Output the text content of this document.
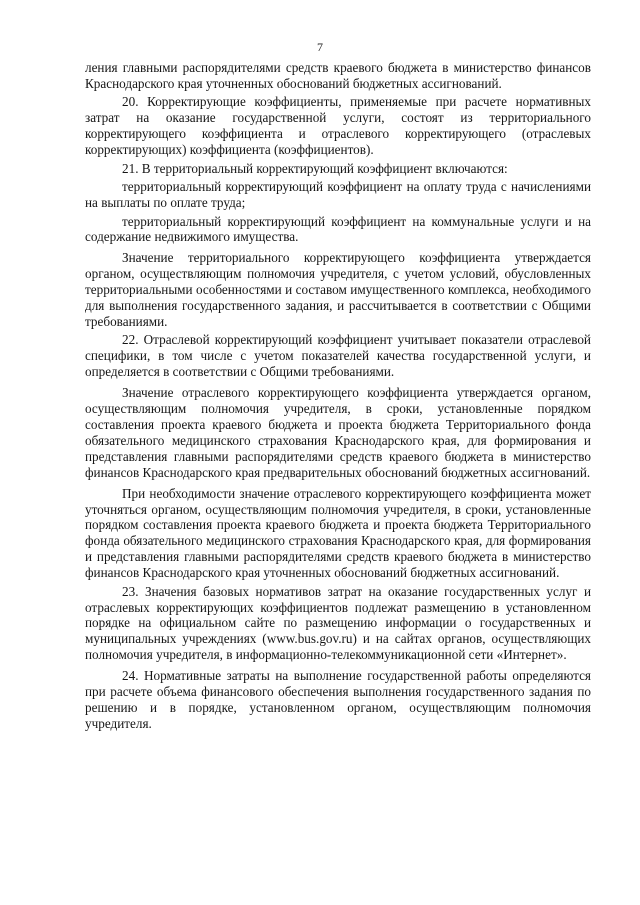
7

ления главными распорядителями средств краевого бюджета в министерство финансов Краснодарского края уточненных обоснований бюджетных ассигнований.

20. Корректирующие коэффициенты, применяемые при расчете нормативных затрат на оказание государственной услуги, состоят из территориального корректирующего коэффициента и отраслевого корректирующего (отраслевых корректирующих) коэффициента (коэффициентов).

21. В территориальный корректирующий коэффициент включаются:

территориальный корректирующий коэффициент на оплату труда с начислениями на выплаты по оплате труда;

территориальный корректирующий коэффициент на коммунальные услуги и на содержание недвижимого имущества.

Значение территориального корректирующего коэффициента утверждается органом, осуществляющим полномочия учредителя, с учетом условий, обусловленных территориальными особенностями и составом имущественного комплекса, необходимого для выполнения государственного задания, и рассчитывается в соответствии с Общими требованиями.

22. Отраслевой корректирующий коэффициент учитывает показатели отраслевой специфики, в том числе с учетом показателей качества государственной услуги, и определяется в соответствии с Общими требованиями.

Значение отраслевого корректирующего коэффициента утверждается органом, осуществляющим полномочия учредителя, в сроки, установленные порядком составления проекта краевого бюджета и проекта бюджета Территориального фонда обязательного медицинского страхования Краснодарского края, для формирования и представления главными распорядителями средств краевого бюджета в министерство финансов Краснодарского края предварительных обоснований бюджетных ассигнований.

При необходимости значение отраслевого корректирующего коэффициента может уточняться органом, осуществляющим полномочия учредителя, в сроки, установленные порядком составления проекта краевого бюджета и проекта бюджета Территориального фонда обязательного медицинского страхования Краснодарского края, для формирования и представления главными распорядителями средств краевого бюджета в министерство финансов Краснодарского края уточненных обоснований бюджетных ассигнований.

23. Значения базовых нормативов затрат на оказание государственных услуг и отраслевых корректирующих коэффициентов подлежат размещению в установленном порядке на официальном сайте по размещению информации о государственных и муниципальных учреждениях (www.bus.gov.ru) и на сайтах органов, осуществляющих полномочия учредителя, в информационно-телекоммуникационной сети «Интернет».

24. Нормативные затраты на выполнение государственной работы определяются при расчете объема финансового обеспечения выполнения государственного задания по решению и в порядке, установленном органом, осуществляющим полномочия учредителя.
